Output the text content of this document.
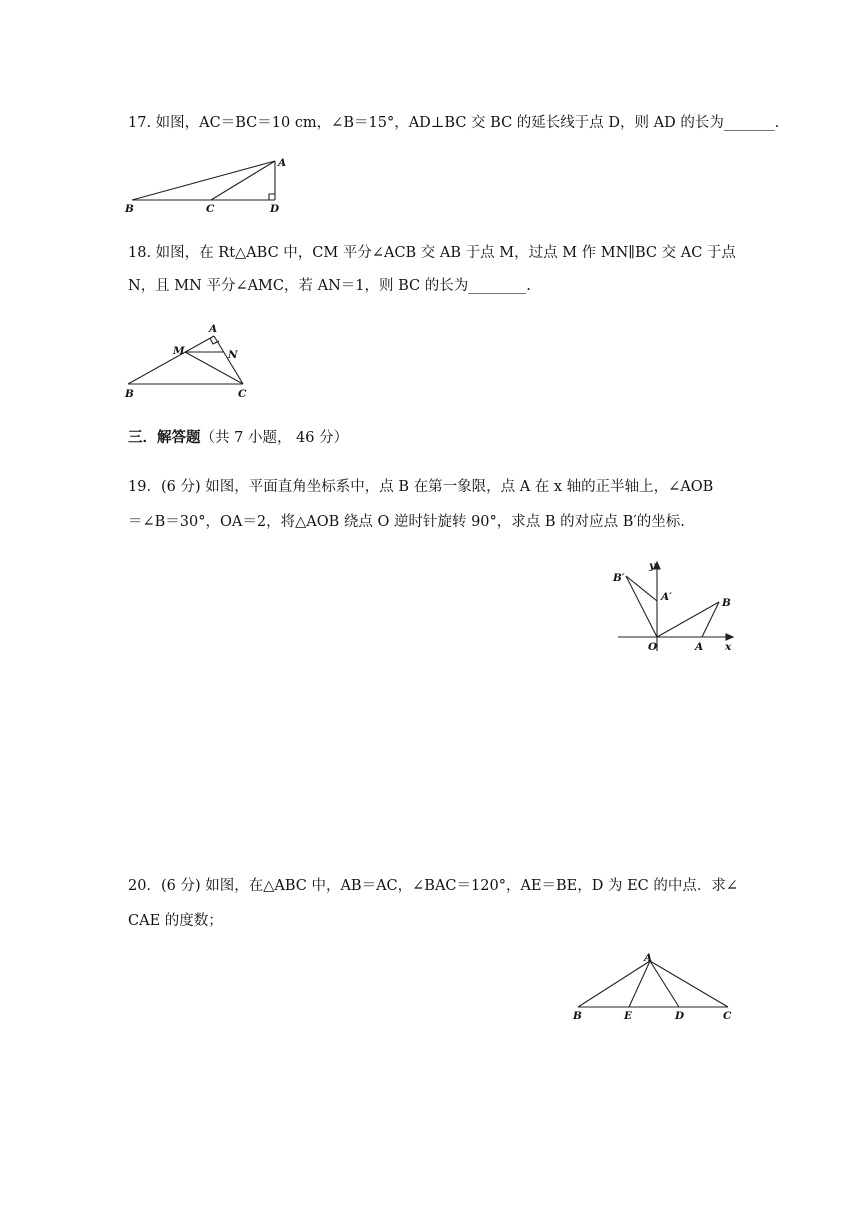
17. 如图，AC＝BC＝10 cm，∠B＝15°，AD⊥BC 交 BC 的延长线于点 D，则 AD 的长为_______.
A
B	C	D
18. 如图，在 Rt△ABC 中，CM 平分∠ACB 交 AB 于点 M，过点 M 作 MN∥BC 交 AC 于点
N，且 MN 平分∠AMC，若 AN＝1，则 BC 的长为________.
A
M	N
B	C
三．解答题（共 7 小题， 46 分）
19．(6 分) 如图，平面直角坐标系中，点 B 在第一象限，点 A 在 x 轴的正半轴上，∠AOB
＝∠B＝30°，OA＝2，将△AOB 绕点 O 逆时针旋转 90°，求点 B 的对应点 B′的坐标.
y
B′
A′	B
O	A x
20．(6 分) 如图，在△ABC 中，AB＝AC，∠BAC＝120°，AE＝BE，D 为 EC 的中点．求∠
CAE 的度数；
A
B	E	D	C
